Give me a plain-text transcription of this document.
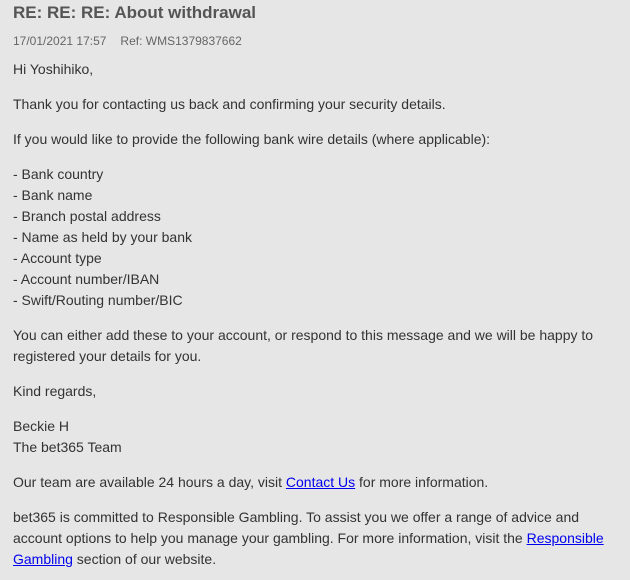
RE: RE: RE: About withdrawal
17/01/2021 17:57 Ref: WMS1379837662
Hi Yoshihiko,
Thank you for contacting us back and confirming your security details.
If you would like to provide the following bank wire details (where applicable):
- Bank country
- Bank name
- Branch postal address
- Name as held by your bank
- Account type
- Account number/IBAN
- Swift/Routing number/BIC
You can either add these to your account, or respond to this message and we will be happy to registered your details for you.
Kind regards,
Beckie H
The bet365 Team
Our team are available 24 hours a day, visit Contact Us for more information.
bet365 is committed to Responsible Gambling. To assist you we offer a range of advice and account options to help you manage your gambling. For more information, visit the Responsible Gambling section of our website.
